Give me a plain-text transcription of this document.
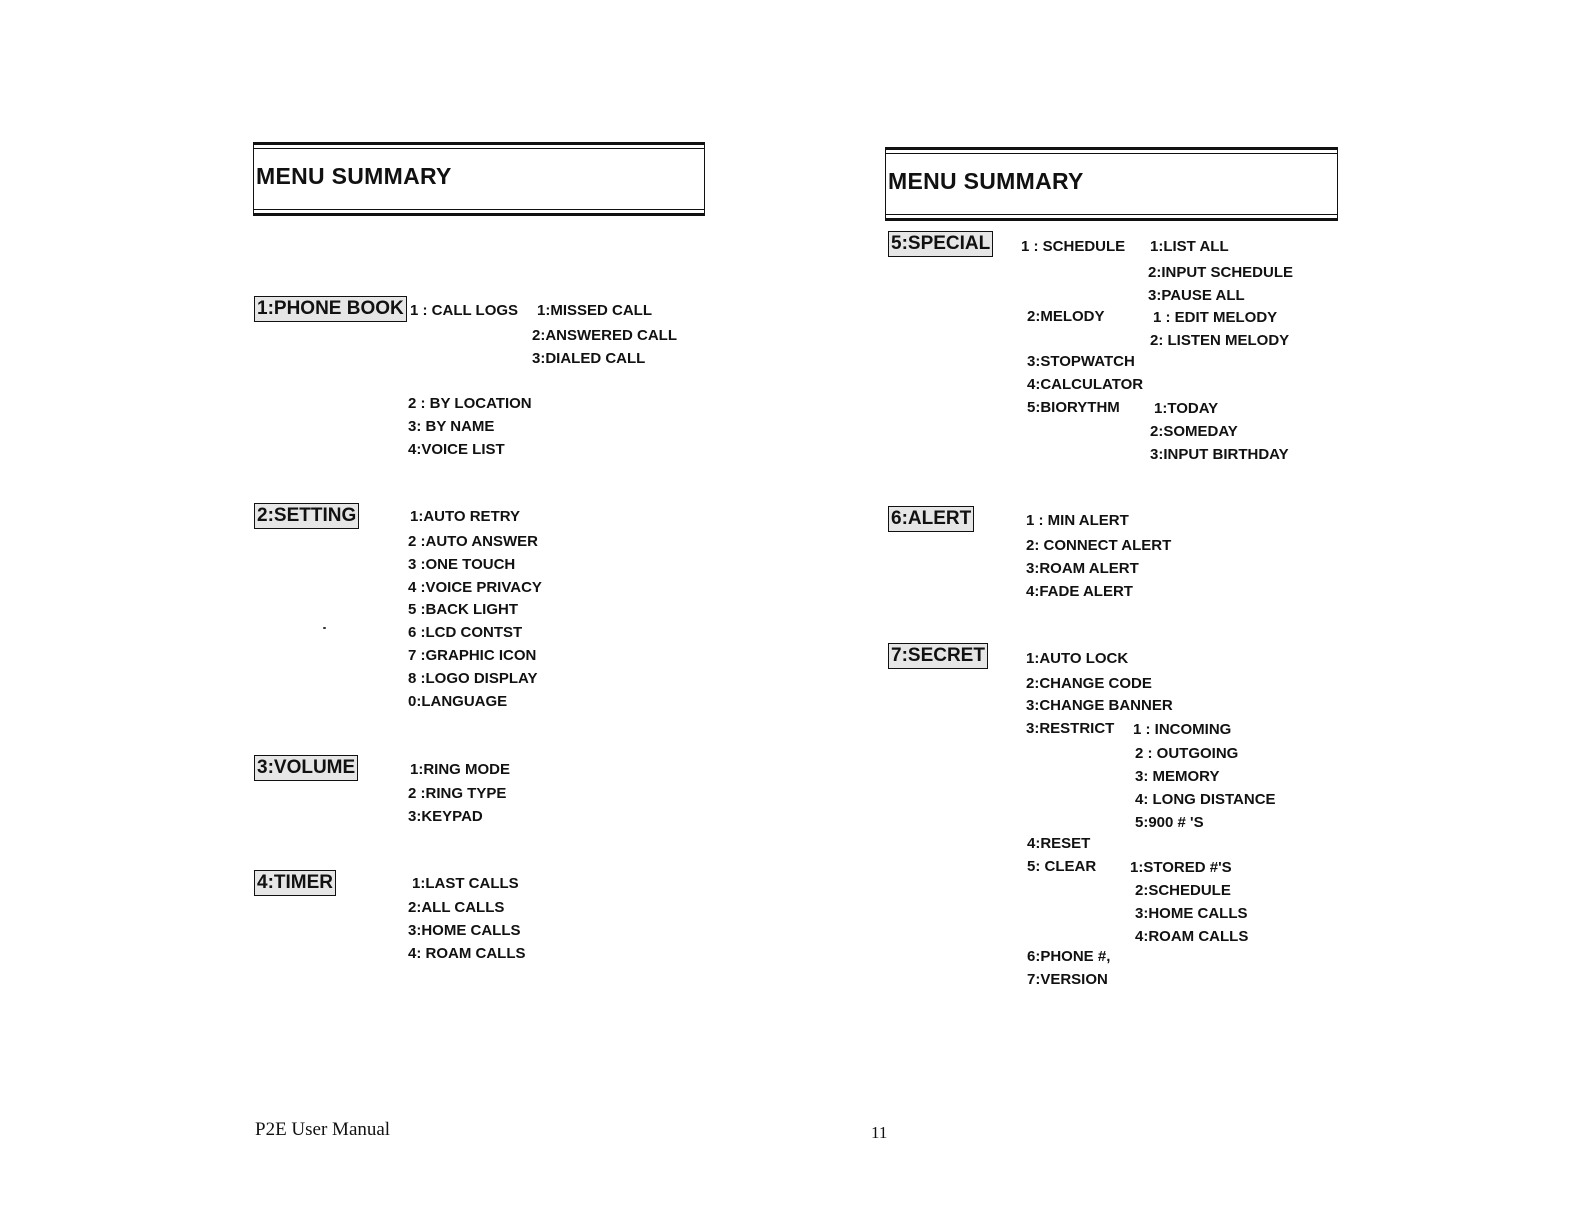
MENU SUMMARY
1:PHONE BOOK 1 : CALL LOGS 1:MISSED CALL
2:ANSWERED CALL
3:DIALED CALL
2 : BY LOCATION
3: BY NAME
4:VOICE LIST
2:SETTING	1:AUTO RETRY
2 :AUTO ANSWER
3 :ONE TOUCH
4 :VOICE PRIVACY
5 :BACK LIGHT
6 :LCD CONTST
7 :GRAPHIC ICON
8 :LOGO DISPLAY
0:LANGUAGE
3:VOLUME	1:RING MODE
2 :RING TYPE
3:KEYPAD
4:TIMER	1:LAST CALLS
2:ALL CALLS
3:HOME CALLS
4: ROAM CALLS
P2E User Manual
MENU SUMMARY
5:SPECIAL 1 : SCHEDULE 1:LIST ALL
2:INPUT SCHEDULE
3:PAUSE ALL
2:MELODY	1 : EDIT MELODY
2: LISTEN MELODY
3:STOPWATCH
4:CALCULATOR
5:BIORYTHM 1:TODAY
2:SOMEDAY
3:INPUT BIRTHDAY
6:ALERT	1 : MIN ALERT
2: CONNECT ALERT
3:ROAM ALERT
4:FADE ALERT
7:SECRET	1:AUTO LOCK
2:CHANGE CODE
3:CHANGE BANNER
3:RESTRICT 1 : INCOMING
2 : OUTGOING
3: MEMORY
4: LONG DISTANCE
5:900 # 'S
4:RESET
5: CLEAR 1:STORED #'S
2:SCHEDULE
3:HOME CALLS
4:ROAM CALLS
6:PHONE #,
7:VERSION
11
